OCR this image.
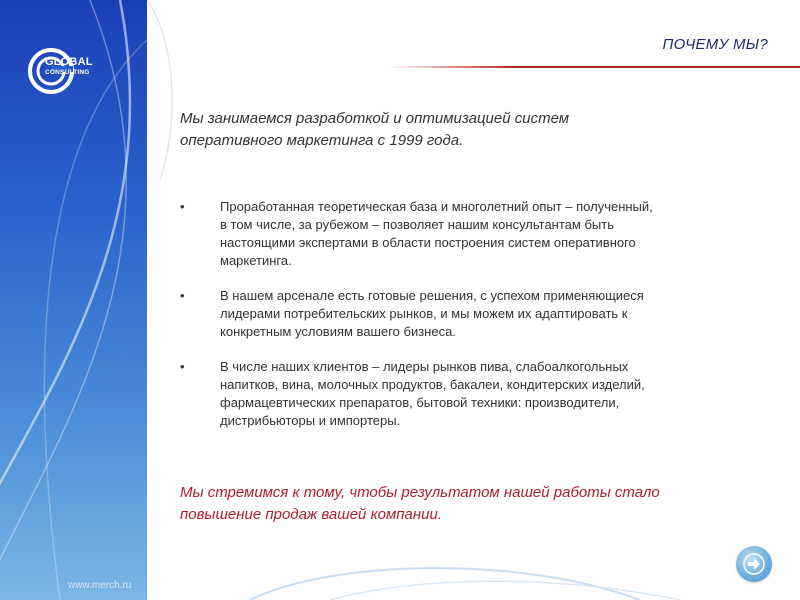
GLOBAL
CONSULTING
www.merch.ru
ПОЧЕМУ МЫ?
Мы занимаемся разработкой и оптимизацией систем
оперативного маркетинга с 1999 года.
•	Проработанная теоретическая база и многолетний опыт – полученный,
в том числе, за рубежом – позволяет нашим консультантам быть
настоящими экспертами в области построения систем оперативного
маркетинга.
•	В нашем арсенале есть готовые решения, с успехом применяющиеся
лидерами потребительских рынков, и мы можем их адаптировать к
конкретным условиям вашего бизнеса.
•	В числе наших клиентов – лидеры рынков пива, слабоалкогольных
напитков, вина, молочных продуктов, бакалеи, кондитерских изделий,
фармацевтических препаратов, бытовой техники: производители,
дистрибьюторы и импортеры.
Мы стремимся к тому, чтобы результатом нашей работы стало
повышение продаж вашей компании.
